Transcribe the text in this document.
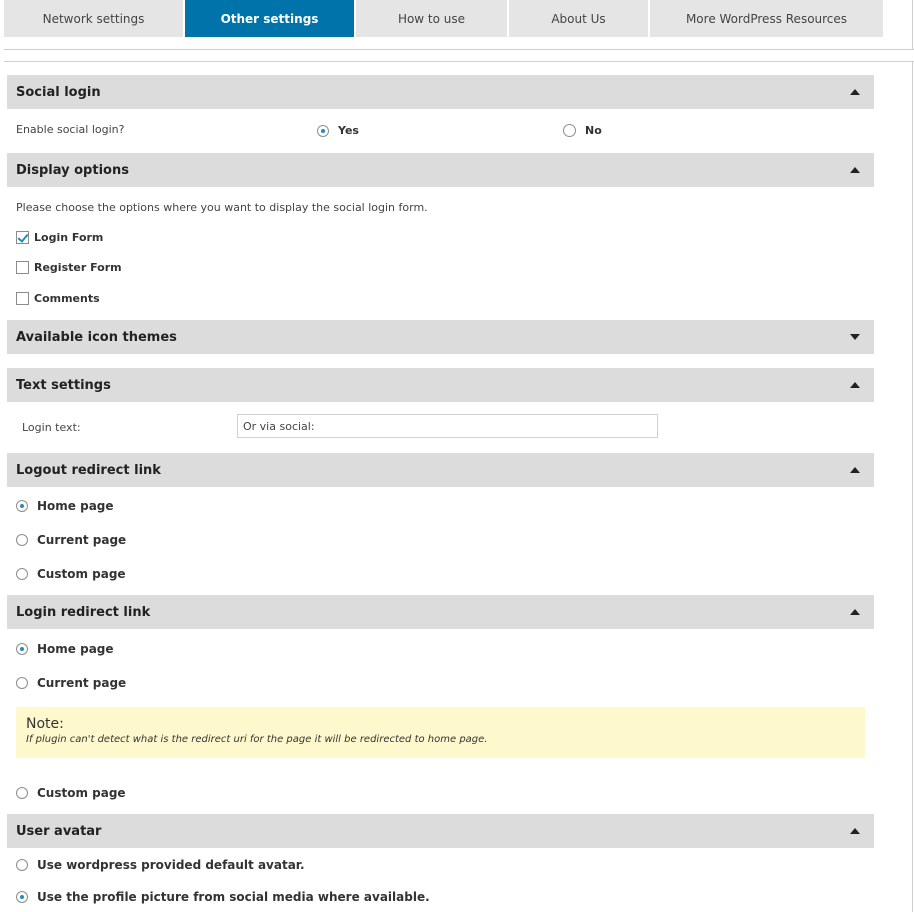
Network settings	Other settings	How to use	About Us	More WordPress Resources
Social login
Enable social login?	Yes	No
Display options
Please choose the options where you want to display the social login form.
Login Form
Register Form
Comments
Available icon themes
Text settings
Login text:	Or via social:
Logout redirect link
Home page
Current page
Custom page
Login redirect link
Home page
Current page
Note:
If plugin can't detect what is the redirect uri for the page it will be redirected to home page.
Custom page
User avatar
Use wordpress provided default avatar.
Use the profile picture from social media where available.
